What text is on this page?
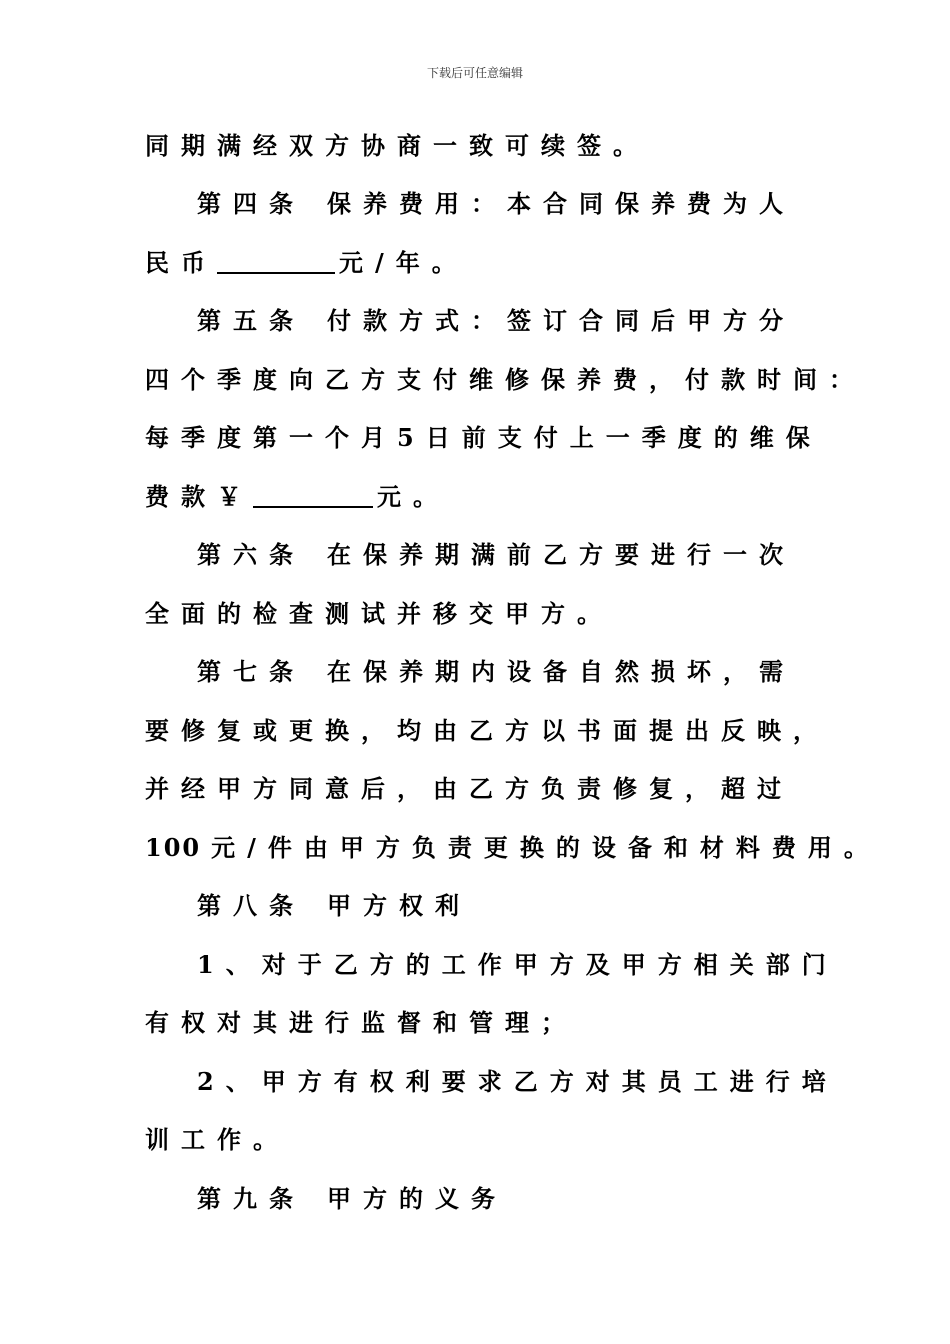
下载后可任意编辑
同期满经双方协商一致可续签。
第四条 保养费用：本合同保养费为人
民币	元/年。
第五条 付款方式：签订合同后甲方分
四个季度向乙方支付维修保养费，付款时间：
每季度第一个月5日前支付上一季度的维保
费款￥	元。
第六条 在保养期满前乙方要进行一次
全面的检查测试并移交甲方。
第七条 在保养期内设备自然损坏，需
要修复或更换，均由乙方以书面提出反映，
并经甲方同意后，由乙方负责修复，超过
100 元/件由甲方负责更换的设备和材料费用。
第八条 甲方权利
1、对于乙方的工作甲方及甲方相关部门
有权对其进行监督和管理；
2、甲方有权利要求乙方对其员工进行培
训工作。
第九条 甲方的义务
